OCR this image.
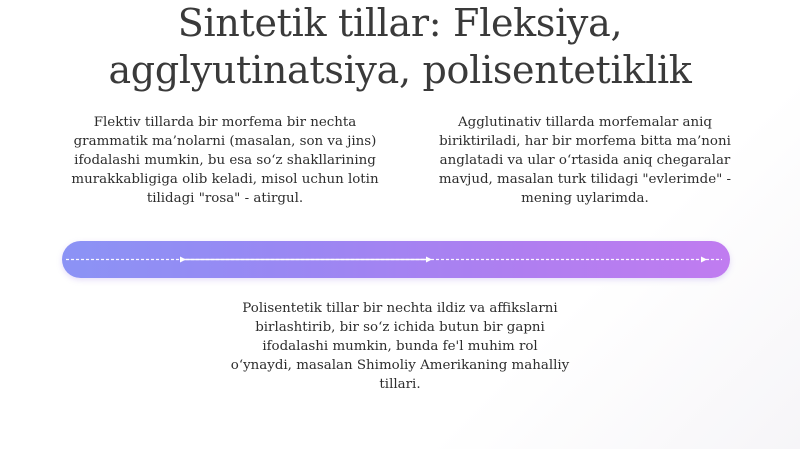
Sintetik tillar: Fleksiya, agglyutinatsiya, polisentetiklik
Flektiv tillarda bir morfema bir nechta grammatik ma’nolarni (masalan, son va jins) ifodalashi mumkin, bu esa so‘z shakllarining murakkabligiga olib keladi, misol uchun lotin tilidagi "rosa" - atirgul.
Agglutinativ tillarda morfemalar aniq biriktiriladi, har bir morfema bitta ma’noni anglatadi va ular o‘rtasida aniq chegaralar mavjud, masalan turk tilidagi "evlerimde" - mening uylarimda.
Polisentetik tillar bir nechta ildiz va affikslarni birlashtirib, bir so‘z ichida butun bir gapni ifodalashi mumkin, bunda fe'l muhim rol o‘ynaydi, masalan Shimoliy Amerikaning mahalliy tillari.
